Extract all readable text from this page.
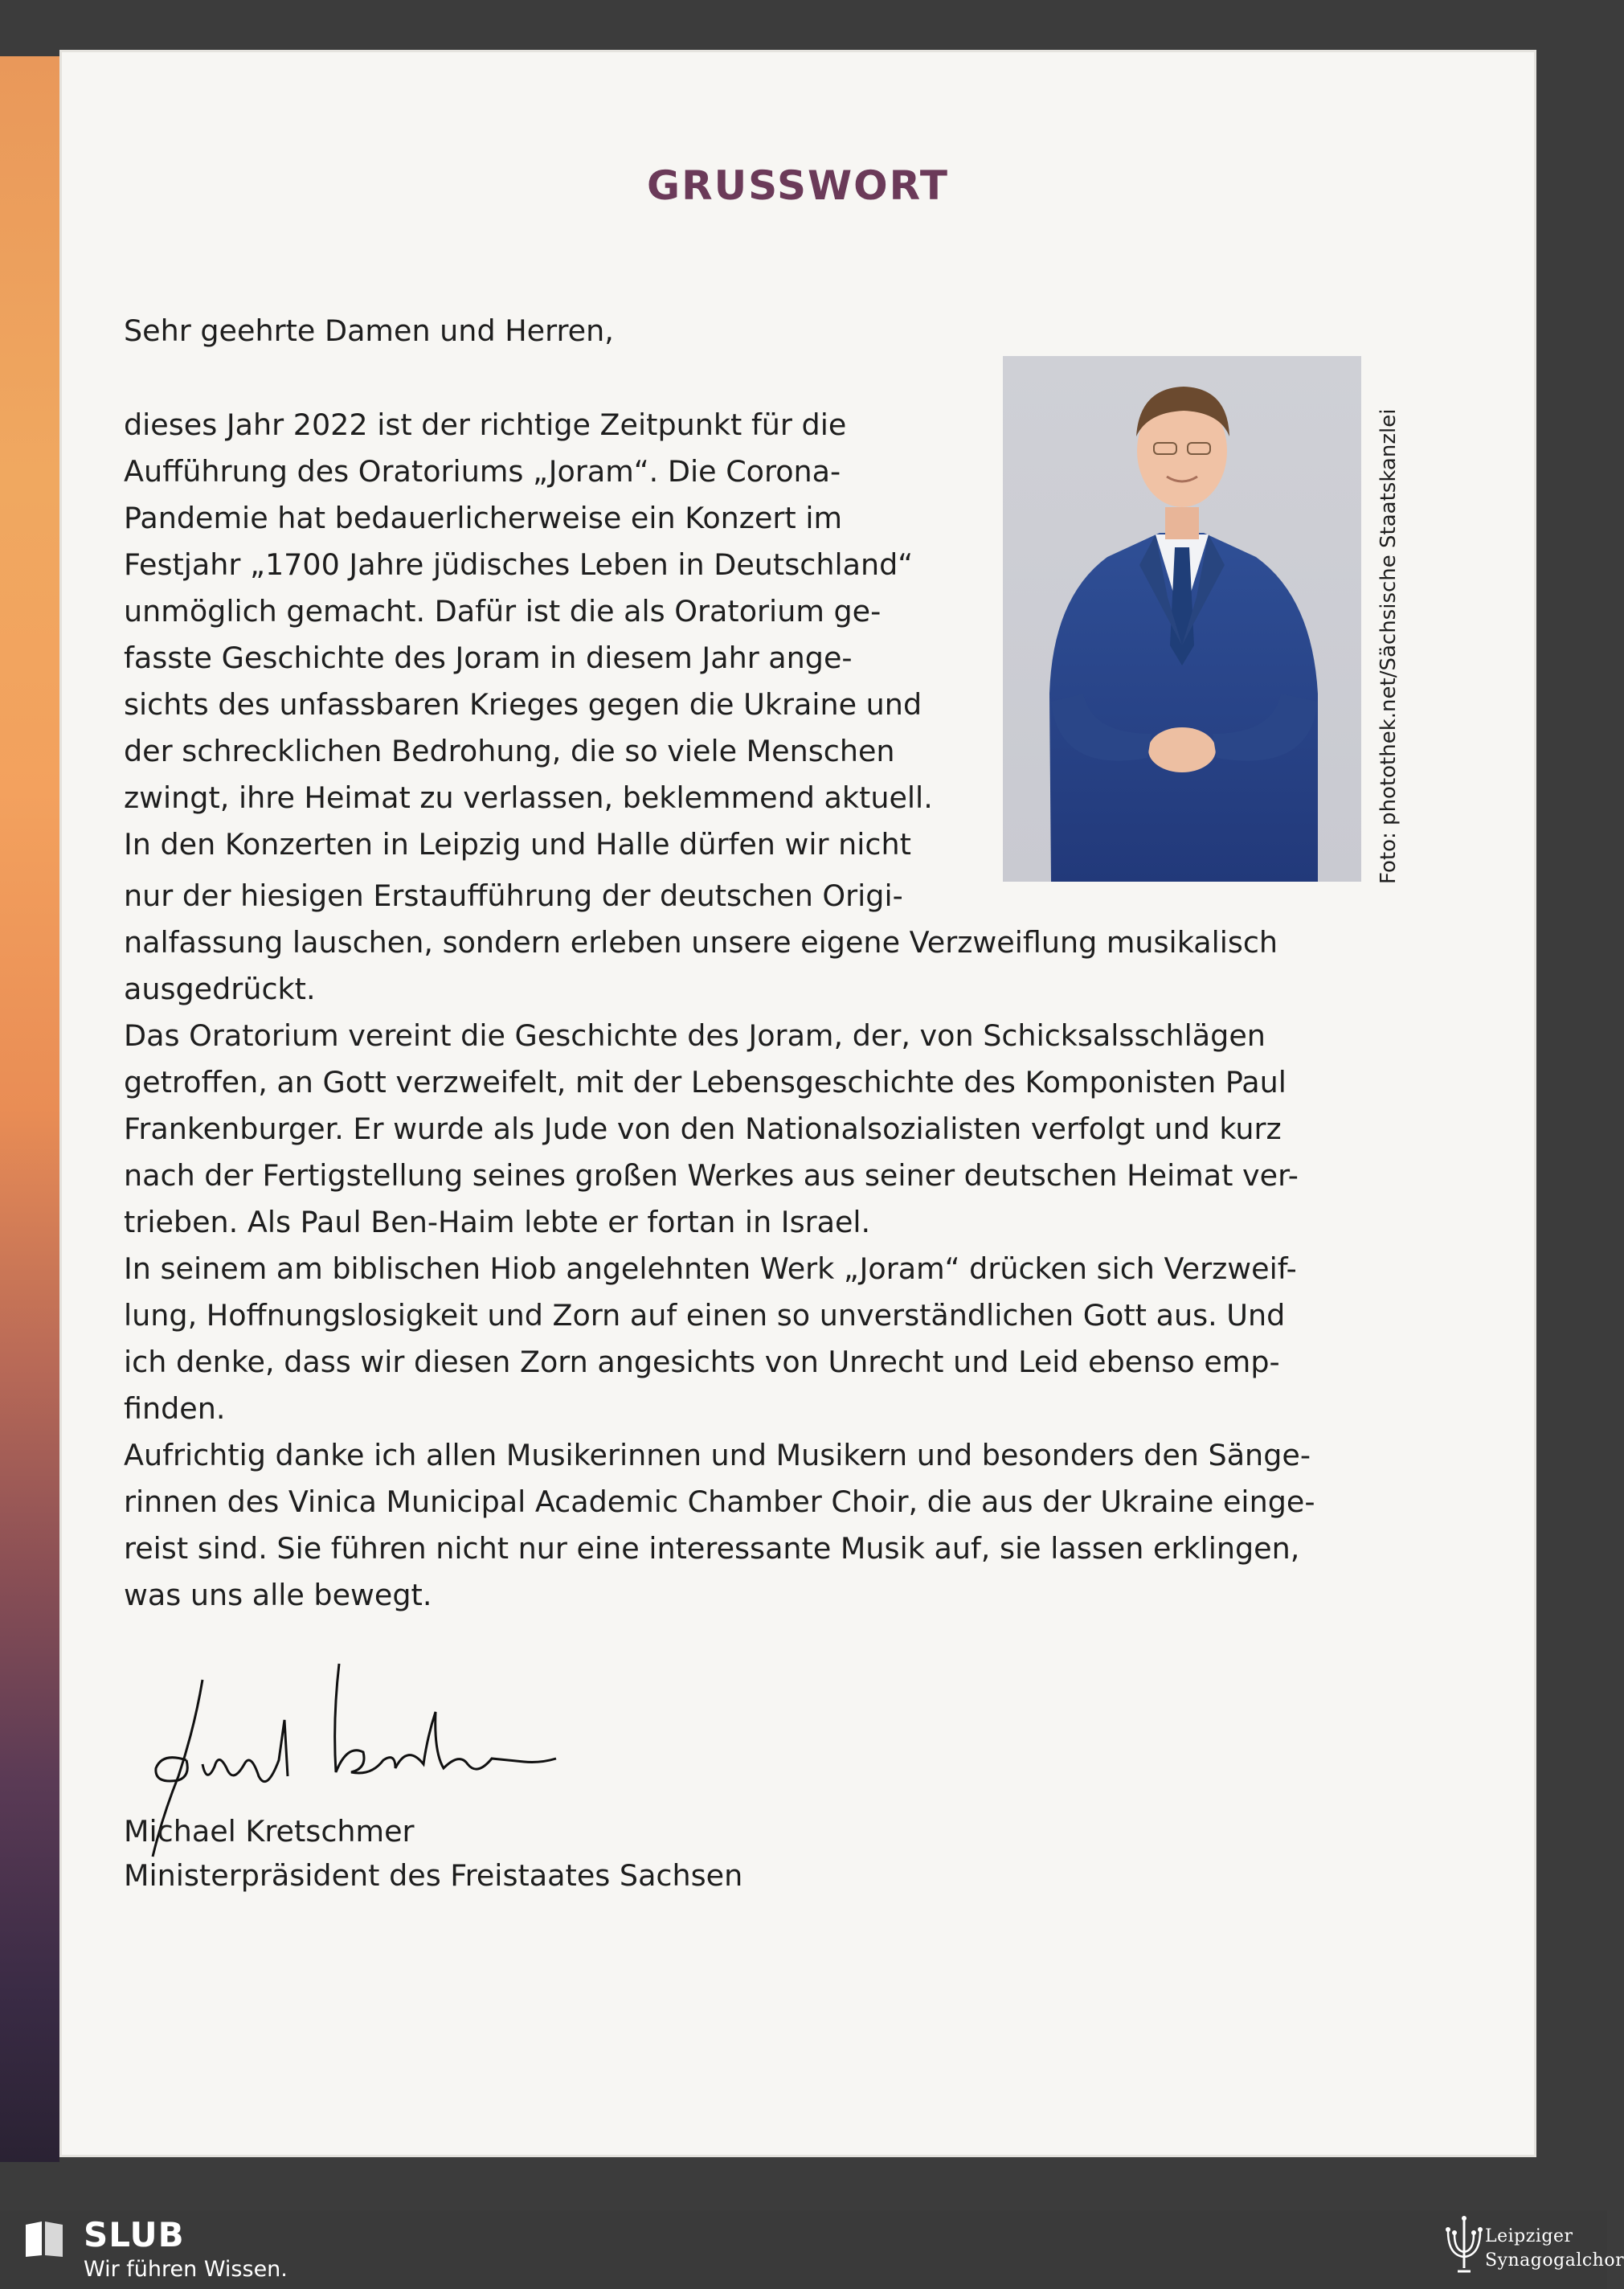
GRUSSWORT
Sehr geehrte Damen und Herren,
dieses Jahr 2022 ist der richtige Zeitpunkt für die
Aufführung des Oratoriums „Joram“. Die Corona-
Pandemie hat bedauerlicherweise ein Konzert im
Festjahr „1700 Jahre jüdisches Leben in Deutschland“
unmöglich gemacht. Dafür ist die als Oratorium ge-
fasste Geschichte des Joram in diesem Jahr ange-
sichts des unfassbaren Krieges gegen die Ukraine und
der schrecklichen Bedrohung, die so viele Menschen
zwingt, ihre Heimat zu verlassen, beklemmend aktuell.
In den Konzerten in Leipzig und Halle dürfen wir nicht
nur der hiesigen Erstaufführung der deutschen Origi-
nalfassung lauschen, sondern erleben unsere eigene Verzweiflung musikalisch
ausgedrückt.
Das Oratorium vereint die Geschichte des Joram, der, von Schicksalsschlägen
getroffen, an Gott verzweifelt, mit der Lebensgeschichte des Komponisten Paul
Frankenburger. Er wurde als Jude von den Nationalsozialisten verfolgt und kurz
nach der Fertigstellung seines großen Werkes aus seiner deutschen Heimat ver-
trieben. Als Paul Ben-Haim lebte er fortan in Israel.
In seinem am biblischen Hiob angelehnten Werk „Joram“ drücken sich Verzweif-
lung, Hoffnungslosigkeit und Zorn auf einen so unverständlichen Gott aus. Und
ich denke, dass wir diesen Zorn angesichts von Unrecht und Leid ebenso emp-
finden.
Aufrichtig danke ich allen Musikerinnen und Musikern und besonders den Sänge-
rinnen des Vinica Municipal Academic Chamber Choir, die aus der Ukraine einge-
reist sind. Sie führen nicht nur eine interessante Musik auf, sie lassen erklingen,
was uns alle bewegt.
Michael Kretschmer
Ministerpräsident des Freistaates Sachsen
SLUB
Wir führen Wissen.
Leipziger
Synagogalchor
